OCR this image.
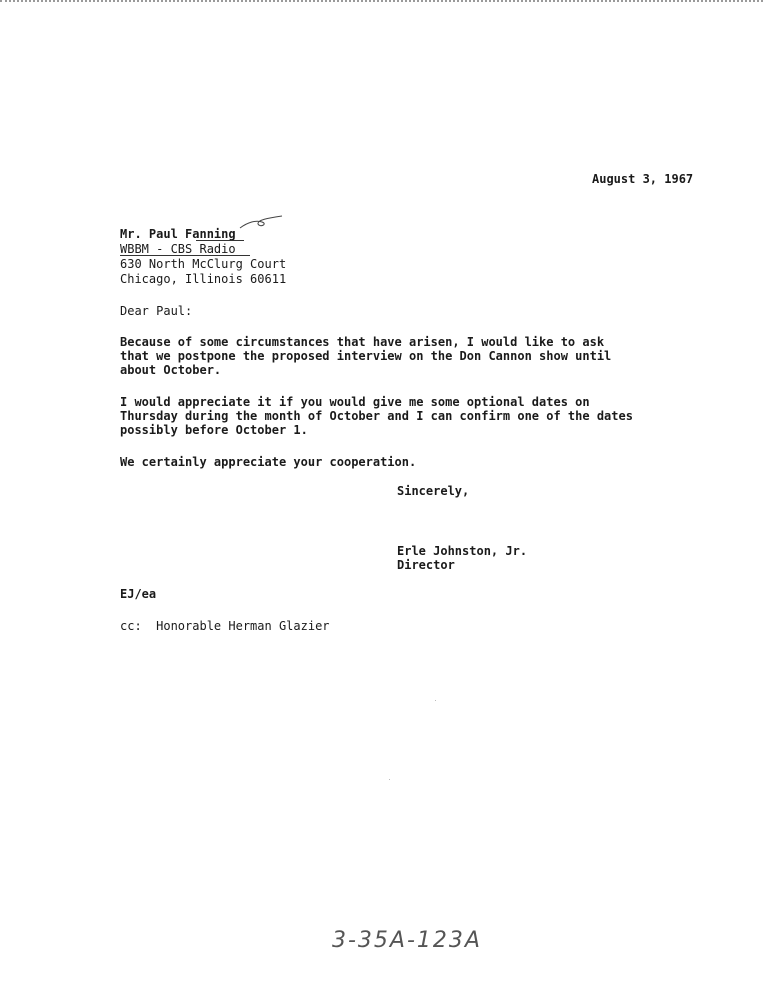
August 3, 1967
Mr. Paul Fanning
WBBM - CBS Radio
630 North McClurg Court
Chicago, Illinois 60611
Dear Paul:
Because of some circumstances that have arisen, I would like to ask
that we postpone the proposed interview on the Don Cannon show until
about October.
I would appreciate it if you would give me some optional dates on
Thursday during the month of October and I can confirm one of the dates
possibly before October 1.
We certainly appreciate your cooperation.
Sincerely,
Erle Johnston, Jr.
Director
EJ/ea
cc:  Honorable Herman Glazier
3-35A-123A
